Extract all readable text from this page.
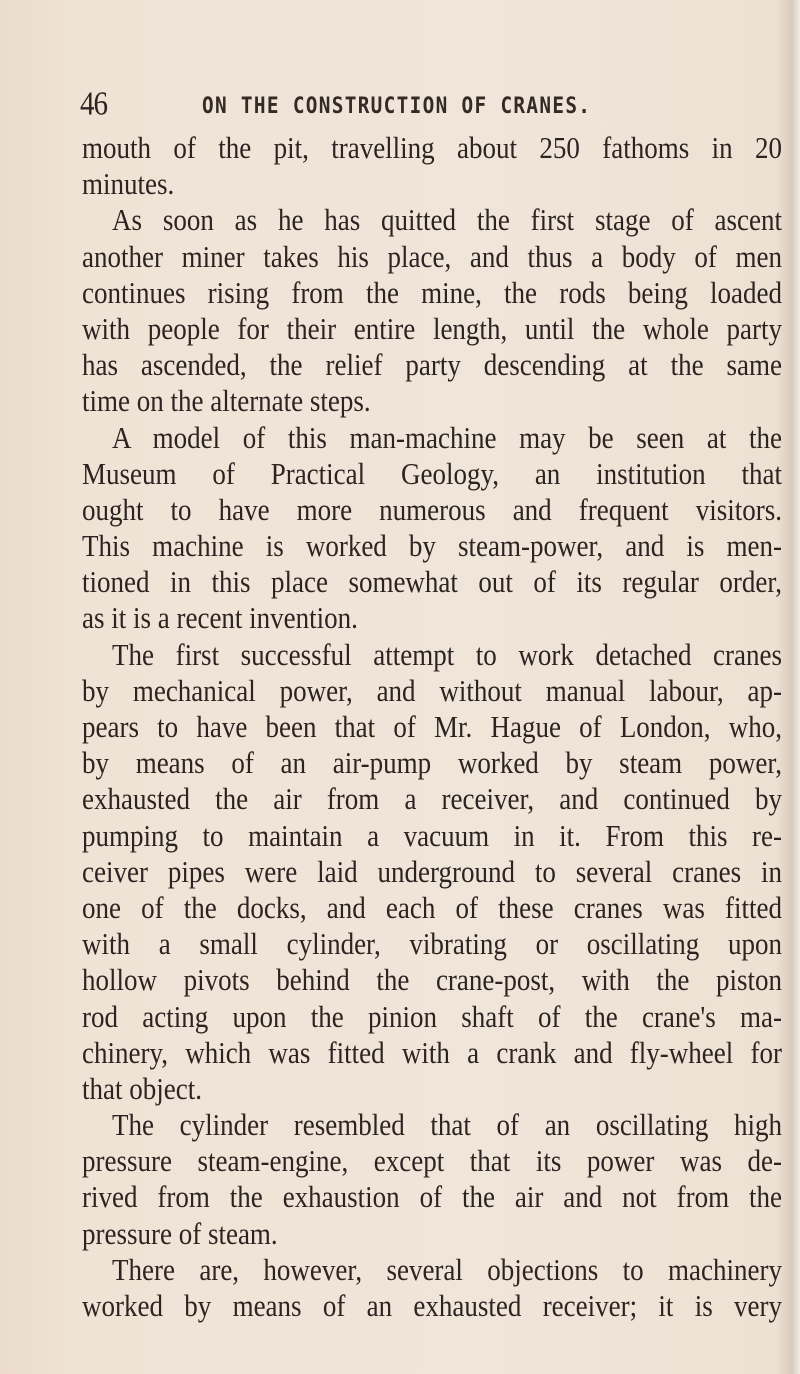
46	ON THE CONSTRUCTION OF CRANES.
mouth of the pit, travelling about 250 fathoms in 20
minutes.
As soon as he has quitted the first stage of ascent
another miner takes his place, and thus a body of men
continues rising from the mine, the rods being loaded
with people for their entire length, until the whole party
has ascended, the relief party descending at the same
time on the alternate steps.
A model of this man-machine may be seen at the
Museum of Practical Geology, an institution that
ought to have more numerous and frequent visitors.
This machine is worked by steam-power, and is men-
tioned in this place somewhat out of its regular order,
as it is a recent invention.
The first successful attempt to work detached cranes
by mechanical power, and without manual labour, ap-
pears to have been that of Mr. Hague of London, who,
by means of an air-pump worked by steam power,
exhausted the air from a receiver, and continued by
pumping to maintain a vacuum in it. From this re-
ceiver pipes were laid underground to several cranes in
one of the docks, and each of these cranes was fitted
with a small cylinder, vibrating or oscillating upon
hollow pivots behind the crane-post, with the piston
rod acting upon the pinion shaft of the crane's ma-
chinery, which was fitted with a crank and fly-wheel for
that object.
The cylinder resembled that of an oscillating high
pressure steam-engine, except that its power was de-
rived from the exhaustion of the air and not from the
pressure of steam.
There are, however, several objections to machinery
worked by means of an exhausted receiver; it is very
